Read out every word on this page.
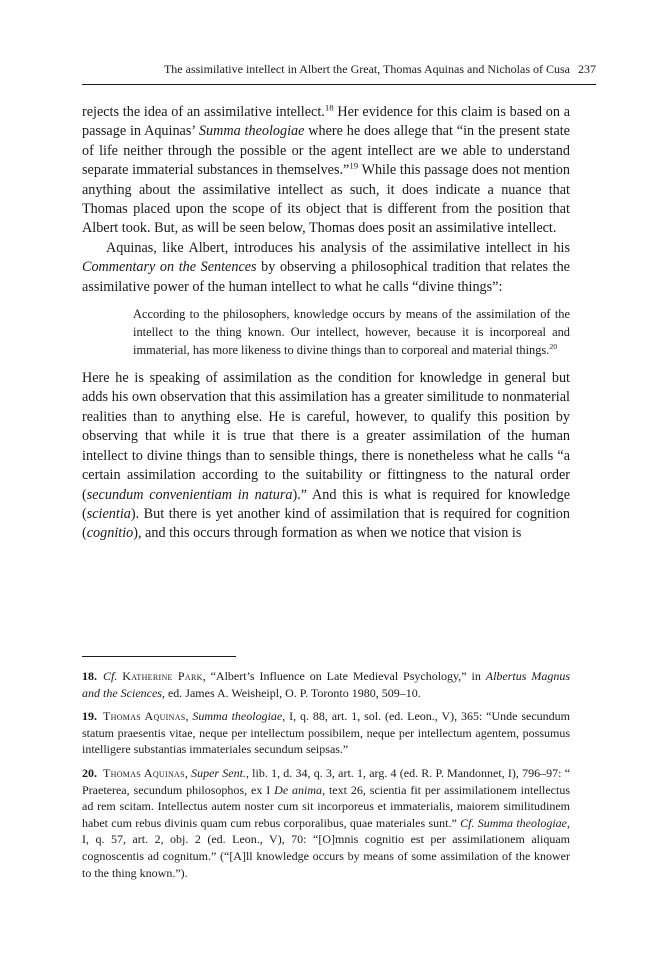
The assimilative intellect in Albert the Great, Thomas Aquinas and Nicholas of Cusa 237

rejects the idea of an assimilative intellect.$^{18}$ Her evidence for this claim is based on a passage in Aquinas’ Summa theologiae where he does allege that “in the present state of life neither through the possible or the agent intellect are we able to understand separate immaterial substances in themselves.”$^{19}$ While this passage does not mention anything about the assimilative intellect as such, it does indicate a nuance that Thomas placed upon the scope of its object that is different from the position that Albert took. But, as will be seen below, Thomas does posit an assimilative intellect.

Aquinas, like Albert, introduces his analysis of the assimilative intellect in his Commentary on the Sentences by observing a philosophical tradition that relates the assimilative power of the human intellect to what he calls “divine things”:

According to the philosophers, knowledge occurs by means of the assimilation of the intellect to the thing known. Our intellect, however, because it is incorporeal and immaterial, has more likeness to divine things than to corporeal and material things.$^{20}$

Here he is speaking of assimilation as the condition for knowledge in general but adds his own observation that this assimilation has a greater similitude to nonmaterial realities than to anything else. He is careful, however, to qualify this position by observing that while it is true that there is a greater assimilation of the human intellect to divine things than to sensible things, there is nonetheless what he calls “a certain assimilation according to the suitability or fittingness to the natural order (secundum convenientiam in natura).” And this is what is required for knowledge (scientia). But there is yet another kind of assimilation that is required for cognition (cognitio), and this occurs through formation as when we notice that vision is

18. Cf. Katherine Park, “Albert’s Influence on Late Medieval Psychology,” in Albertus Magnus and the Sciences, ed. James A. Weisheipl, O. P. Toronto 1980, 509–10.

19. Thomas Aquinas, Summa theologiae, I, q. 88, art. 1, sol. (ed. Leon., V), 365: “Unde secundum statum praesentis vitae, neque per intellectum possibilem, neque per intellectum agentem, possumus intelligere substantias immateriales secundum seipsas.”

20. Thomas Aquinas, Super Sent., lib. 1, d. 34, q. 3, art. 1, arg. 4 (ed. R. P. Mandonnet, I), 796–97: “ Praeterea, secundum philosophos, ex I De anima, text 26, scientia fit per assimilationem intellectus ad rem scitam. Intellectus autem noster cum sit incorporeus et immaterialis, maiorem similitudinem habet cum rebus divinis quam cum rebus corporalibus, quae materiales sunt.” Cf. Summa theologiae, I, q. 57, art. 2, obj. 2 (ed. Leon., V), 70: “[O]mnis cognitio est per assimilationem aliquam cognoscentis ad cognitum.” (“[A]ll knowledge occurs by means of some assimilation of the knower to the thing known.”).
